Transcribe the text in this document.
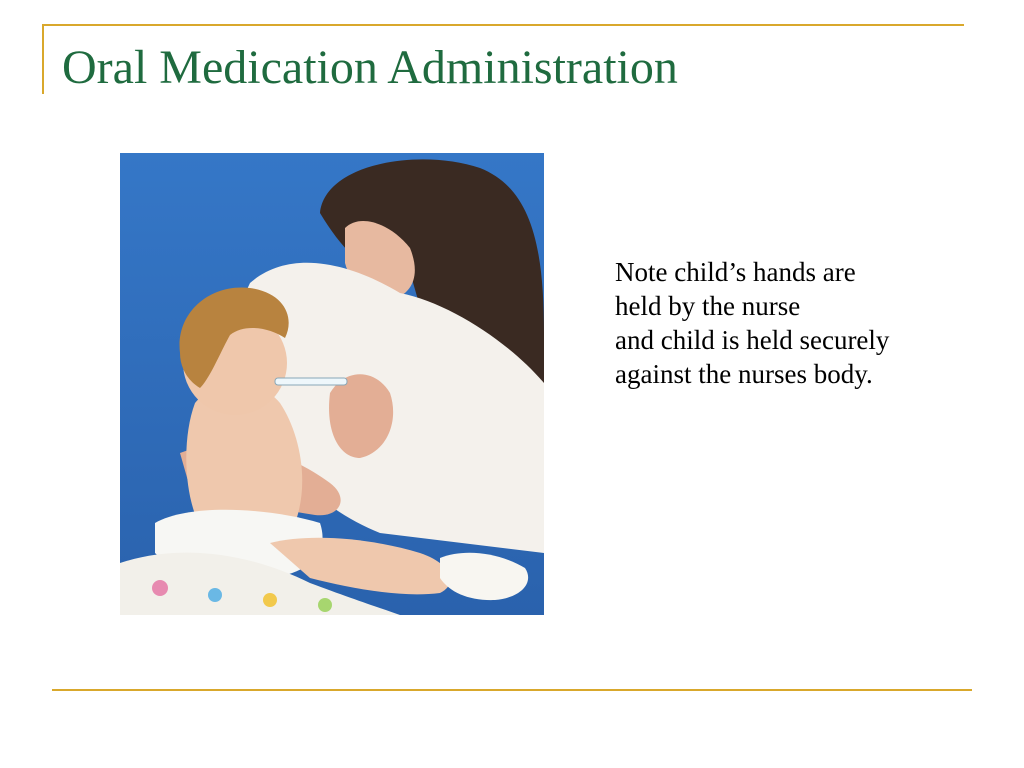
Oral Medication Administration
Note child’s hands are
held by the nurse
and child is held securely
against the nurses body.
